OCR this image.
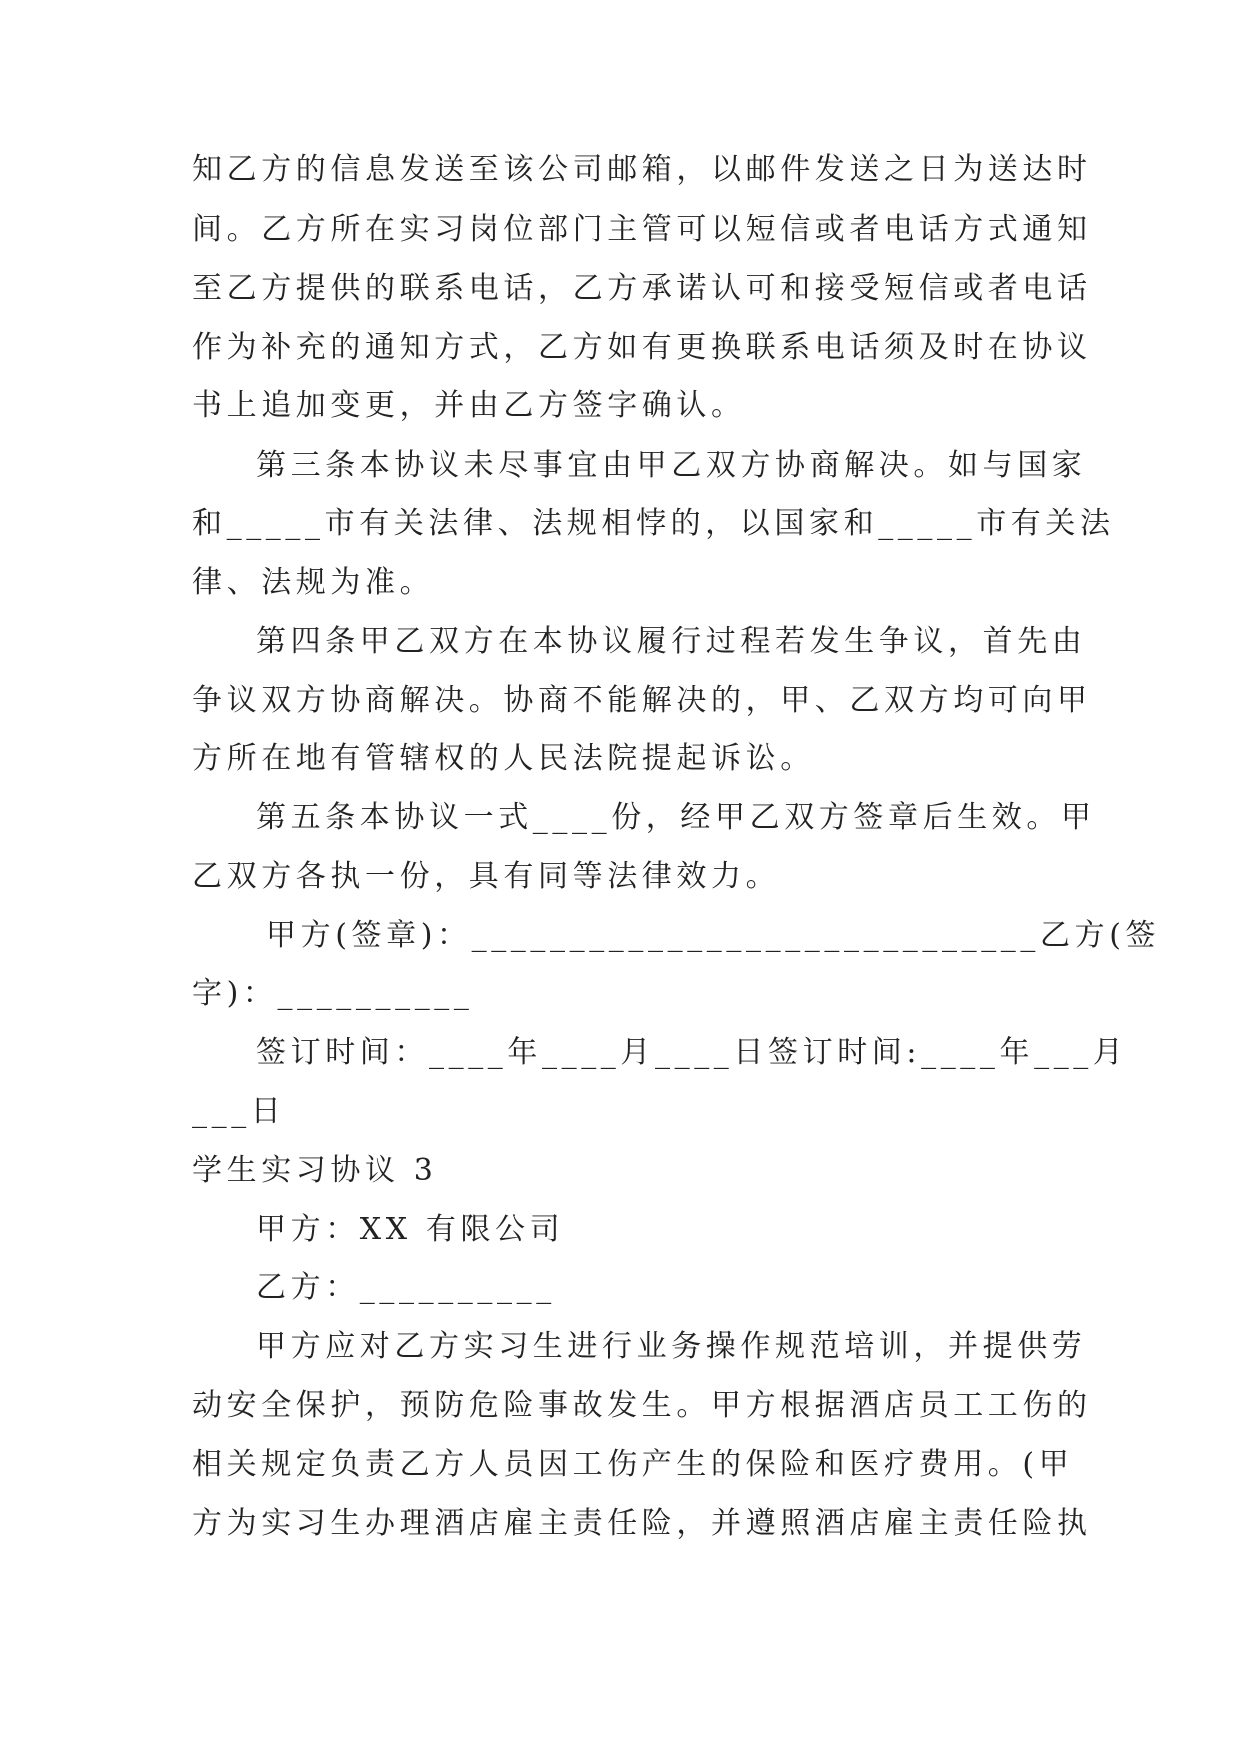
知乙方的信息发送至该公司邮箱，以邮件发送之日为送达时
间。乙方所在实习岗位部门主管可以短信或者电话方式通知
至乙方提供的联系电话，乙方承诺认可和接受短信或者电话
作为补充的通知方式，乙方如有更换联系电话须及时在协议
书上追加变更，并由乙方签字确认。
第三条本协议未尽事宜由甲乙双方协商解决。如与国家
和_____市有关法律、法规相悖的，以国家和_____市有关法
律、法规为准。
第四条甲乙双方在本协议履行过程若发生争议，首先由
争议双方协商解决。协商不能解决的，甲、乙双方均可向甲
方所在地有管辖权的人民法院提起诉讼。
第五条本协议一式____份，经甲乙双方签章后生效。甲
乙双方各执一份，具有同等法律效力。
甲方(签章)：_____________________________乙方(签
字)：__________
签订时间：____年____月____日签订时间:____年___月
___日
学生实习协议 3
甲方：XX 有限公司
乙方：__________
甲方应对乙方实习生进行业务操作规范培训，并提供劳
动安全保护，预防危险事故发生。甲方根据酒店员工工伤的
相关规定负责乙方人员因工伤产生的保险和医疗费用。(甲
方为实习生办理酒店雇主责任险，并遵照酒店雇主责任险执
